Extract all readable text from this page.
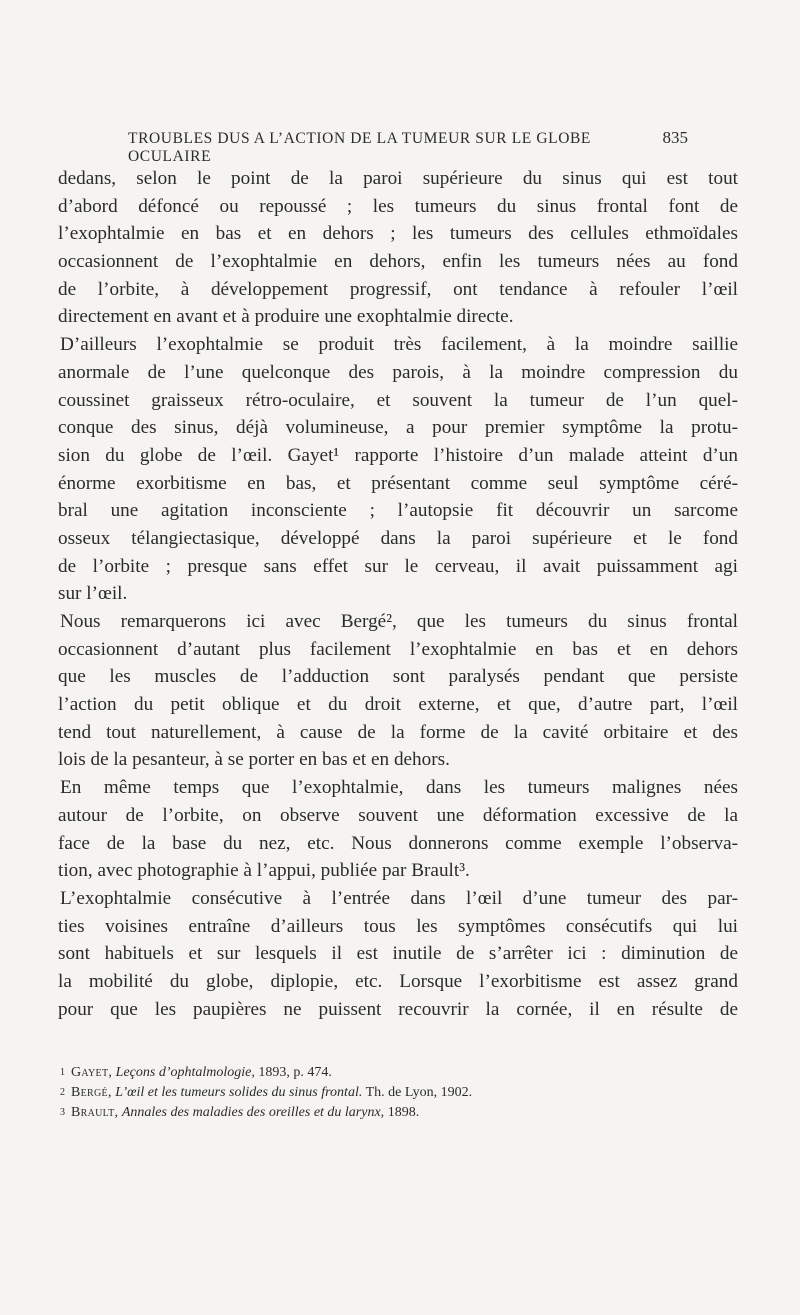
TROUBLES DUS A L’ACTION DE LA TUMEUR SUR LE GLOBE OCULAIRE
835
dedans, selon le point de la paroi supérieure du sinus qui est tout
d’abord défoncé ou repoussé ; les tumeurs du sinus frontal font de
l’exophtalmie en bas et en dehors ; les tumeurs des cellules ethmoïdales
occasionnent de l’exophtalmie en dehors, enfin les tumeurs nées au fond
de l’orbite, à développement progressif, ont tendance à refouler l’œil
directement en avant et à produire une exophtalmie directe.
D’ailleurs l’exophtalmie se produit très facilement, à la moindre saillie
anormale de l’une quelconque des parois, à la moindre compression du
coussinet graisseux rétro-oculaire, et souvent la tumeur de l’un quel-
conque des sinus, déjà volumineuse, a pour premier symptôme la protu-
sion du globe de l’œil. Gayet¹ rapporte l’histoire d’un malade atteint d’un
énorme exorbitisme en bas, et présentant comme seul symptôme céré-
bral une agitation inconsciente ; l’autopsie fit découvrir un sarcome
osseux télangiectasique, développé dans la paroi supérieure et le fond
de l’orbite ; presque sans effet sur le cerveau, il avait puissamment agi
sur l’œil.
Nous remarquerons ici avec Bergé², que les tumeurs du sinus frontal
occasionnent d’autant plus facilement l’exophtalmie en bas et en dehors
que les muscles de l’adduction sont paralysés pendant que persiste
l’action du petit oblique et du droit externe, et que, d’autre part, l’œil
tend tout naturellement, à cause de la forme de la cavité orbitaire et des
lois de la pesanteur, à se porter en bas et en dehors.
En même temps que l’exophtalmie, dans les tumeurs malignes nées
autour de l’orbite, on observe souvent une déformation excessive de la
face de la base du nez, etc. Nous donnerons comme exemple l’observa-
tion, avec photographie à l’appui, publiée par Brault³.
L’exophtalmie consécutive à l’entrée dans l’œil d’une tumeur des par-
ties voisines entraîne d’ailleurs tous les symptômes consécutifs qui lui
sont habituels et sur lesquels il est inutile de s’arrêter ici : diminution de
la mobilité du globe, diplopie, etc. Lorsque l’exorbitisme est assez grand
pour que les paupières ne puissent recouvrir la cornée, il en résulte de
$^1$ Gayet, Leçons d’ophtalmologie, 1893, p. 474.
$^2$ Bergé, L’œil et les tumeurs solides du sinus frontal. Th. de Lyon, 1902.
$^3$ Brault, Annales des maladies des oreilles et du larynx, 1898.
